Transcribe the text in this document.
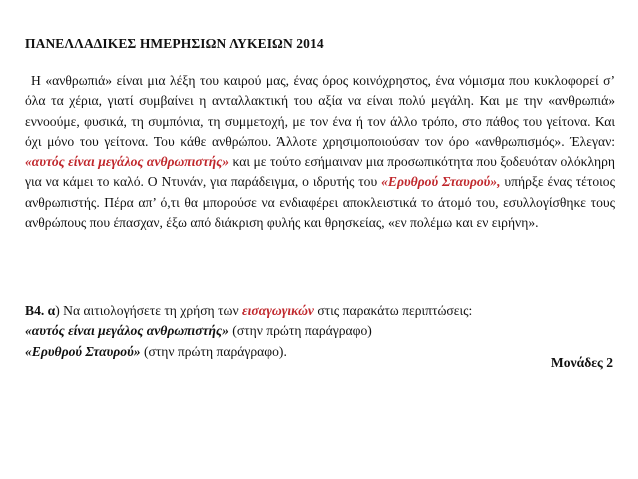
ΠΑΝΕΛΛΑΔΙΚΕΣ ΗΜΕΡΗΣΙΩΝ ΛΥΚΕΙΩΝ 2014

Η «ανθρωπιά» είναι μια λέξη του καιρού μας, ένας όρος κοινόχρηστος, ένα νόμισμα που κυκλοφορεί σ’ όλα τα χέρια, γιατί συμβαίνει η ανταλλακτική του αξία να είναι πολύ μεγάλη. Και με την «ανθρωπιά» εννοούμε, φυσικά, τη συμπόνια, τη συμμετοχή, με τον ένα ή τον άλλο τρόπο, στο πάθος του γείτονα. Και όχι μόνο του γείτονα. Του κάθε ανθρώπου. Άλλοτε χρησιμοποιούσαν τον όρο «ανθρωπισμός». Έλεγαν: «αυτός είναι μεγάλος ανθρωπιστής» και με τούτο εσήμαιναν μια προσωπικότητα που ξοδευόταν ολόκληρη για να κάμει το καλό. Ο Ντυνάν, για παράδειγμα, ο ιδρυτής του «Ερυθρού Σταυρού», υπήρξε ένας τέτοιος ανθρωπιστής. Πέρα απ’ ό,τι θα μπορούσε να ενδιαφέρει αποκλειστικά το άτομό του, εσυλλογίσθηκε τους ανθρώπους που έπασχαν, έξω από διάκριση φυλής και θρησκείας, «εν πολέμω και εν ειρήνη».

Β4. α) Να αιτιολογήσετε τη χρήση των εισαγωγικών στις παρακάτω περιπτώσεις:
«αυτός είναι μεγάλος ανθρωπιστής» (στην πρώτη παράγραφο)
«Ερυθρού Σταυρού» (στην πρώτη παράγραφο).
Μονάδες 2
